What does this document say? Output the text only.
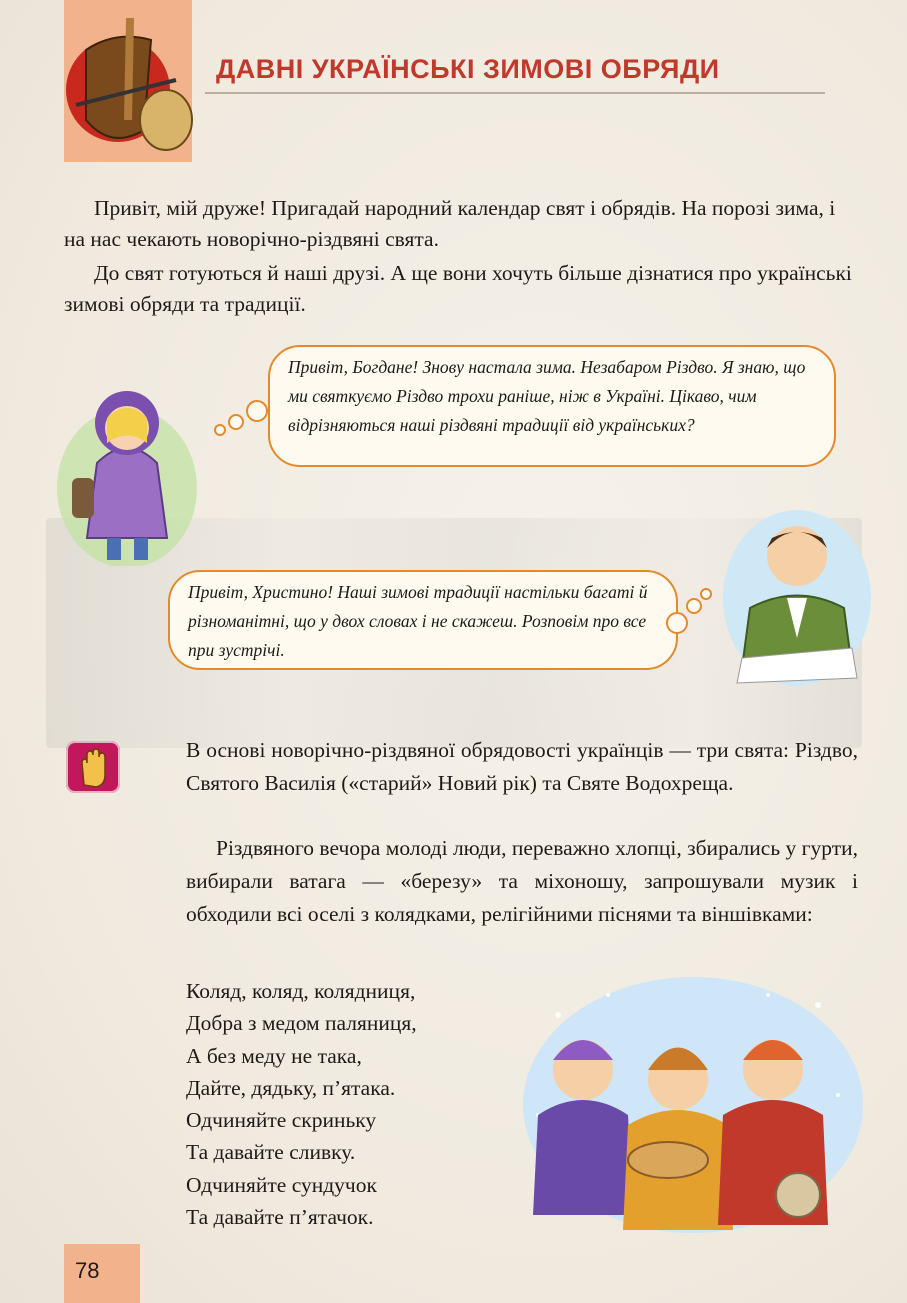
ДАВНІ УКРАЇНСЬКІ ЗИМОВІ ОБРЯДИ

Привіт, мій друже! Пригадай народний календар свят і обрядів. На порозі зима, і на нас чекають новорічно-різдвяні свята.

До свят готуються й наші друзі. А ще вони хочуть більше дізнатися про українські зимові обряди та традиції.

Привіт, Богдане! Знову настала зима. Незабаром Різдво. Я знаю, що ми святкуємо Різдво трохи раніше, ніж в Україні. Цікаво, чим відрізняються наші різдвяні традиції від українських?
Привіт, Христино! Наші зимові традиції настільки багаті й різноманітні, що у двох словах і не скажеш. Розповім про все при зустрічі.

В основі новорічно-різдвяної обрядовості українців — три свята: Різдво, Святого Василія («старий» Новий рік) та Святе Водохреща.

Різдвяного вечора молоді люди, переважно хлопці, збирались у гурти, вибирали ватага — «березу» та міхоношу, запрошували музик і обходили всі оселі з колядками, релігійними піснями та віншівками:

Коляд, коляд, колядниця,
Добра з медом паляниця,
А без меду не така,
Дайте, дядьку, п’ятака.
Одчиняйте скриньку
Та давайте сливку.
Одчиняйте сундучок
Та давайте п’ятачок.
78
